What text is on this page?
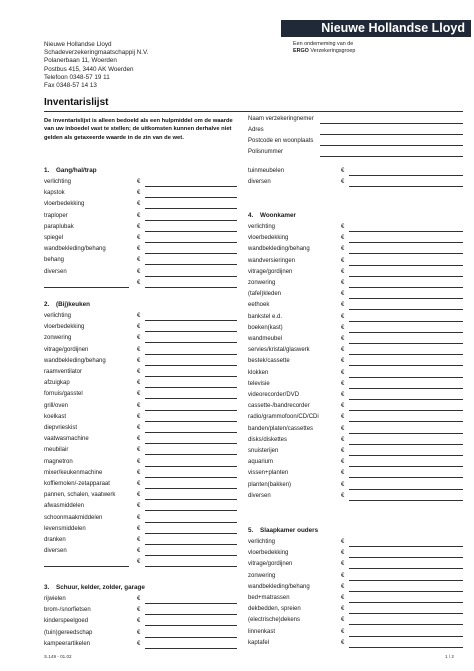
Nieuwe Hollandse Lloyd
Een onderneming van de
ERGO Verzekeringsgroep
Nieuwe Hollandse Lloyd
Schadeverzekeringmaatschappij N.V.
Polanerbaan 11, Woerden
Postbus 415, 3440 AK Woerden
Telefoon 0348-57 19 11
Fax 0348-57 14 13
Inventarislijst
De inventarislijst is alleen bedoeld als een hulpmiddel om de waarde van uw inboedel vast te stellen; de uitkomsten kunnen derhalve niet gelden als getaxeerde waarde in de zin van de wet.
Naam verzekeringnemer
Adres
Postcode en woonplaats
Polisnummer
1. Gang/hal/trap
verlichting	€
kapstok	€
vloerbedekking	€
traploper	€
paraplubak	€
spiegel	€
wandbekleding/behang	€
behang	€
diversen	€
€
2. (Bij)keuken
verlichting	€
vloerbedekking	€
zonwering	€
vitrage/gordijnen	€
wandbekleding/behang	€
raamventilator	€
afzuigkap	€
fornuis/gasstel	€
grill/oven	€
koelkast	€
diepvrieskist	€
vaatwasmachine	€
meubilair	€
magnetron	€
mixer/keukenmachine	€
koffiemolen/-zetapparaat	€
pannen, schalen, vaatwerk	€
afwasmiddelen	€
schoonmaakmiddelen	€
levensmiddelen	€
dranken	€
diversen	€
€
3. Schuur, kelder, zolder, garage
rijwielen	€
brom-/snorfietsen	€
kinderspeelgoed	€
(tuin)gereedschap	€
kampeerartikelen	€
tuinmeubelen	€
diversen	€
4. Woonkamer
verlichting	€
vloerbedekking	€
wandbekleding/behang	€
wandversieringen	€
vitrage/gordijnen	€
zonwering	€
(tafel)kleden	€
eethoek	€
bankstel e.d.	€
boeken(kast)	€
wandmeubel	€
servies/kristal/glaswerk	€
bestek/cassette	€
klokken	€
televisie	€
videorecorder/DVD	€
cassette-/bandrecorder	€
radio/grammofoon/CD/CDi	€
banden/platen/cassettes	€
disks/diskettes	€
snuisterijen	€
aquarium	€
vissen+planten	€
planten(bakken)	€
diversen	€
5. Slaapkamer ouders
verlichting	€
vloerbedekking	€
vitrage/gordijnen	€
zonwering	€
wandbekleding/behang	€
bed+matrassen	€
dekbedden, spreien	€
(electrische)dekens	€
linnenkast	€
kaptafel	€
S.149 - 01.02	1 / 2
